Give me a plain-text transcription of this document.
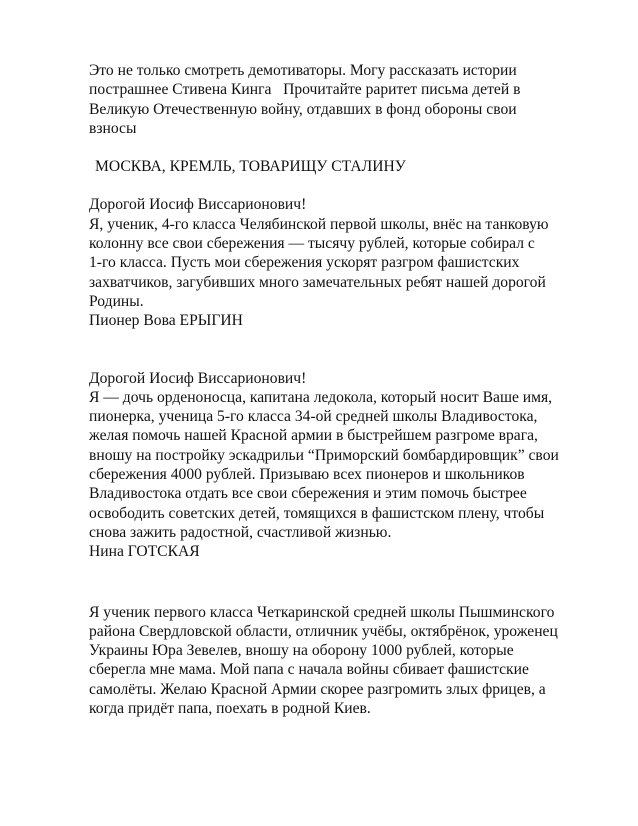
Это не только смотреть демотиваторы. Могу рассказать истории
пострашнее Стивена Кинга   Прочитайте раритет письма детей в
Великую Отечественную войну, отдавших в фонд обороны свои
взносы
МОСКВА, КРЕМЛЬ, ТОВАРИЩУ СТАЛИНУ
Дорогой Иосиф Виссарионович!
Я, ученик, 4-го класса Челябинской первой школы, внёс на танковую
колонну все свои сбережения — тысячу рублей, которые собирал с
1-го класса. Пусть мои сбережения ускорят разгром фашистских
захватчиков, загубивших много замечательных ребят нашей дорогой
Родины.
Пионер Вова ЕРЫГИН
Дорогой Иосиф Виссарионович!
Я — дочь орденоносца, капитана ледокола, который носит Ваше имя,
пионерка, ученица 5-го класса 34-ой средней школы Владивостока,
желая помочь нашей Красной армии в быстрейшем разгроме врага,
вношу на постройку эскадрильи “Приморский бомбардировщик” свои
сбережения 4000 рублей. Призываю всех пионеров и школьников
Владивостока отдать все свои сбережения и этим помочь быстрее
освободить советских детей, томящихся в фашистском плену, чтобы
снова зажить радостной, счастливой жизнью.
Нина ГОТСКАЯ
Я ученик первого класса Четкаринской средней школы Пышминского
района Свердловской области, отличник учёбы, октябрёнок, уроженец
Украины Юра Зевелев, вношу на оборону 1000 рублей, которые
сберегла мне мама. Мой папа с начала войны сбивает фашистские
самолёты. Желаю Красной Армии скорее разгромить злых фрицев, а
когда придёт папа, поехать в родной Киев.
